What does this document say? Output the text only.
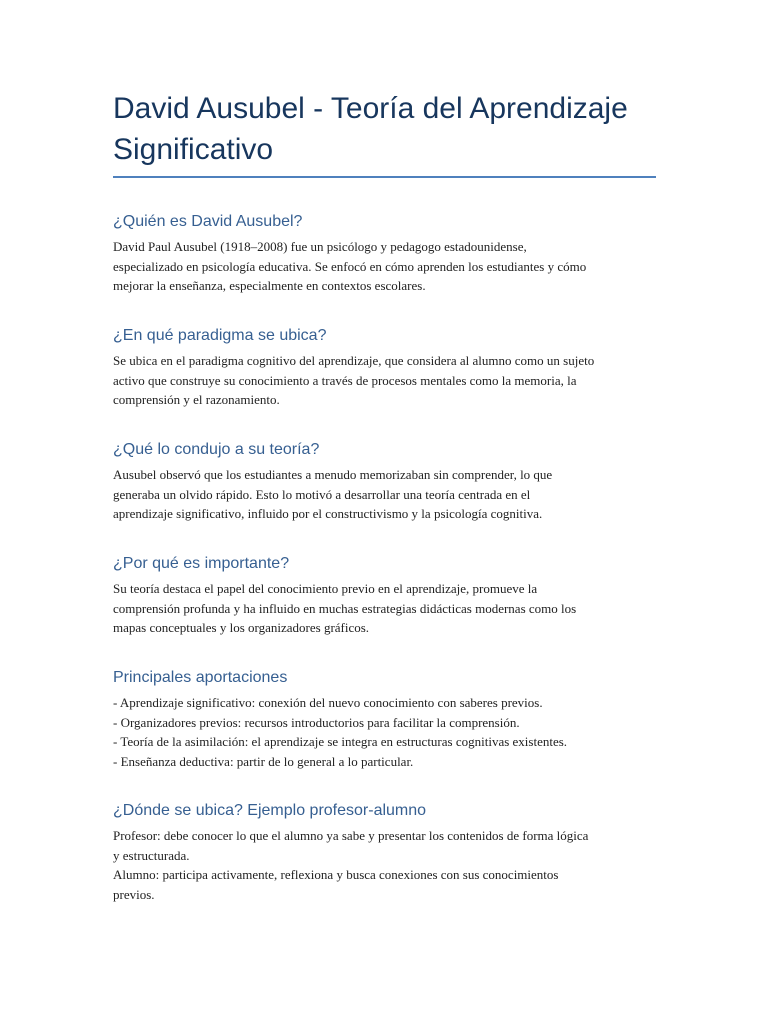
David Ausubel - Teoría del Aprendizaje
Significativo
¿Quién es David Ausubel?

David Paul Ausubel (1918–2008) fue un psicólogo y pedagogo estadounidense,
especializado en psicología educativa. Se enfocó en cómo aprenden los estudiantes y cómo
mejorar la enseñanza, especialmente en contextos escolares.

¿En qué paradigma se ubica?

Se ubica en el paradigma cognitivo del aprendizaje, que considera al alumno como un sujeto
activo que construye su conocimiento a través de procesos mentales como la memoria, la
comprensión y el razonamiento.

¿Qué lo condujo a su teoría?

Ausubel observó que los estudiantes a menudo memorizaban sin comprender, lo que
generaba un olvido rápido. Esto lo motivó a desarrollar una teoría centrada en el
aprendizaje significativo, influido por el constructivismo y la psicología cognitiva.

¿Por qué es importante?

Su teoría destaca el papel del conocimiento previo en el aprendizaje, promueve la
comprensión profunda y ha influido en muchas estrategias didácticas modernas como los
mapas conceptuales y los organizadores gráficos.

Principales aportaciones

- Aprendizaje significativo: conexión del nuevo conocimiento con saberes previos.

- Organizadores previos: recursos introductorios para facilitar la comprensión.

- Teoría de la asimilación: el aprendizaje se integra en estructuras cognitivas existentes.

- Enseñanza deductiva: partir de lo general a lo particular.

¿Dónde se ubica? Ejemplo profesor-alumno

Profesor: debe conocer lo que el alumno ya sabe y presentar los contenidos de forma lógica
y estructurada.
Alumno: participa activamente, reflexiona y busca conexiones con sus conocimientos
previos.
